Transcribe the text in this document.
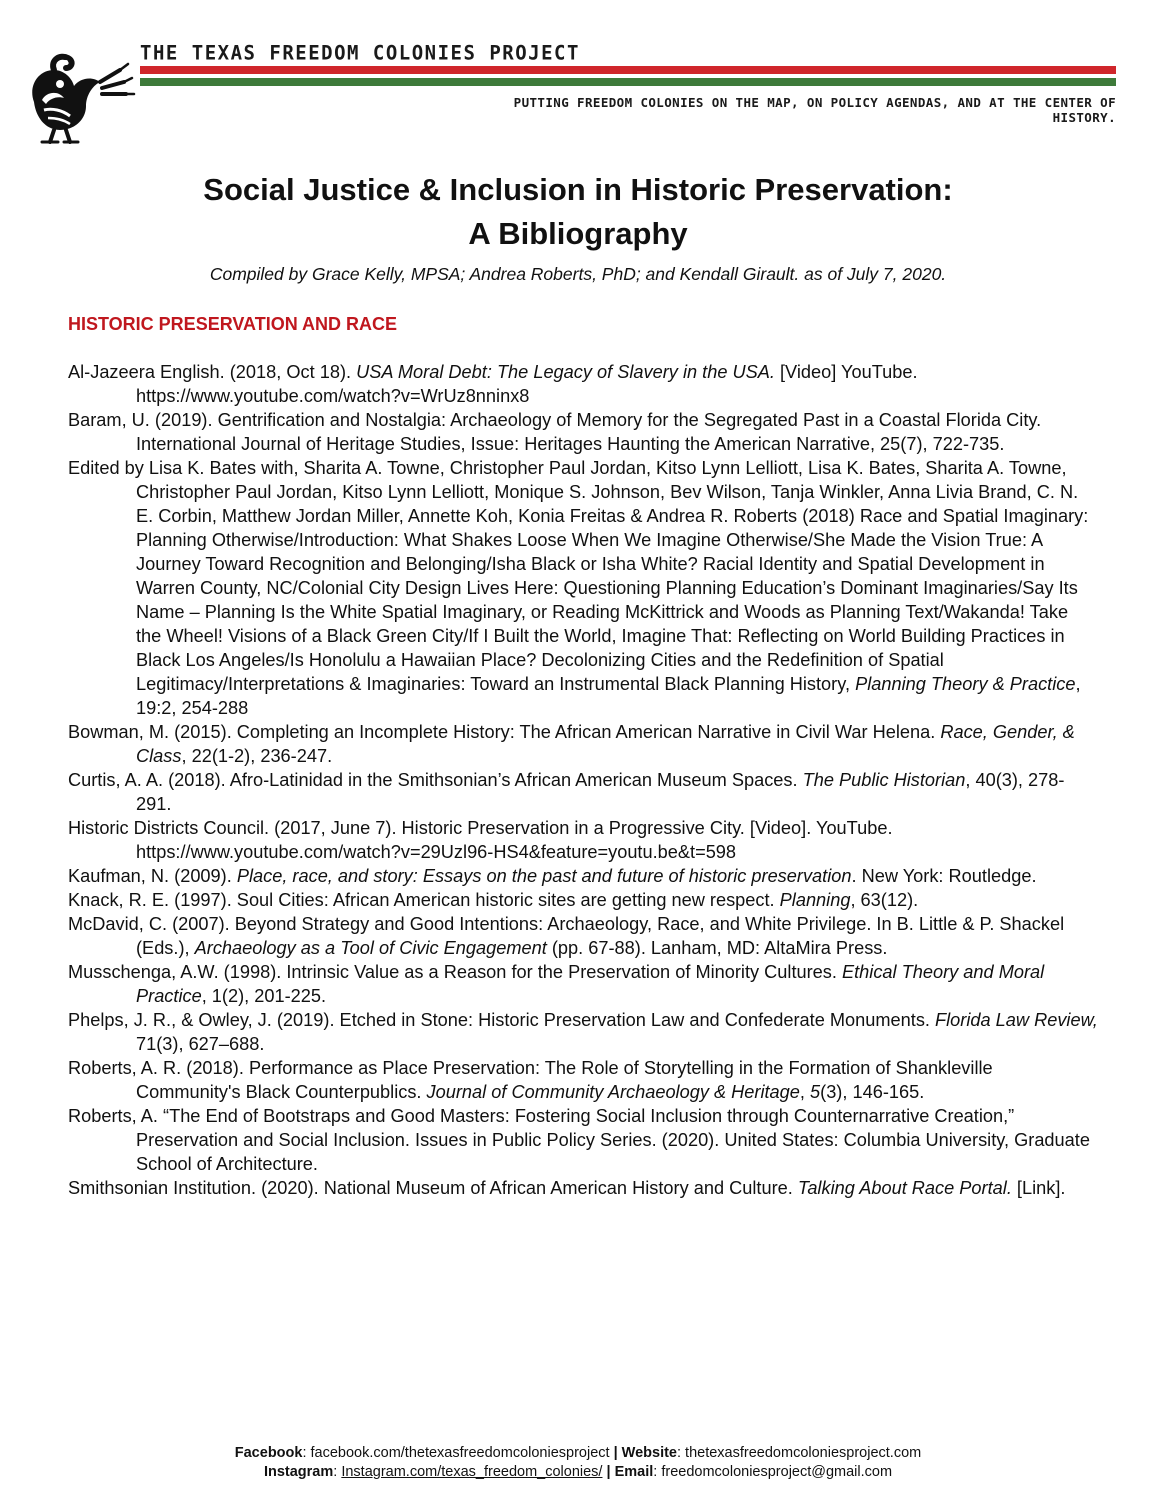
THE TEXAS FREEDOM COLONIES PROJECT
PUTTING FREEDOM COLONIES ON THE MAP, ON POLICY AGENDAS, AND AT THE CENTER OF HISTORY.
Social Justice & Inclusion in Historic Preservation:
A Bibliography
Compiled by Grace Kelly, MPSA; Andrea Roberts, PhD; and Kendall Girault. as of July 7, 2020.
HISTORIC PRESERVATION AND RACE

Al-Jazeera English. (2018, Oct 18). USA Moral Debt: The Legacy of Slavery in the USA. [Video] YouTube. https://www.youtube.com/watch?v=WrUz8nninx8

Baram, U. (2019). Gentrification and Nostalgia: Archaeology of Memory for the Segregated Past in a Coastal Florida City. International Journal of Heritage Studies, Issue: Heritages Haunting the American Narrative, 25(7), 722-735.

Edited by Lisa K. Bates with, Sharita A. Towne, Christopher Paul Jordan, Kitso Lynn Lelliott, Lisa K. Bates, Sharita A. Towne, Christopher Paul Jordan, Kitso Lynn Lelliott, Monique S. Johnson, Bev Wilson, Tanja Winkler, Anna Livia Brand, C. N. E. Corbin, Matthew Jordan Miller, Annette Koh, Konia Freitas & Andrea R. Roberts (2018) Race and Spatial Imaginary: Planning Otherwise/Introduction: What Shakes Loose When We Imagine Otherwise/She Made the Vision True: A Journey Toward Recognition and Belonging/Isha Black or Isha White? Racial Identity and Spatial Development in Warren County, NC/Colonial City Design Lives Here: Questioning Planning Education’s Dominant Imaginaries/Say Its Name – Planning Is the White Spatial Imaginary, or Reading McKittrick and Woods as Planning Text/Wakanda! Take the Wheel! Visions of a Black Green City/If I Built the World, Imagine That: Reflecting on World Building Practices in Black Los Angeles/Is Honolulu a Hawaiian Place? Decolonizing Cities and the Redefinition of Spatial Legitimacy/Interpretations & Imaginaries: Toward an Instrumental Black Planning History, Planning Theory & Practice, 19:2, 254-288

Bowman, M. (2015). Completing an Incomplete History: The African American Narrative in Civil War Helena. Race, Gender, & Class, 22(1-2), 236-247.

Curtis, A. A. (2018). Afro-Latinidad in the Smithsonian’s African American Museum Spaces. The Public Historian, 40(3), 278-291.

Historic Districts Council. (2017, June 7). Historic Preservation in a Progressive City. [Video]. YouTube. https://www.youtube.com/watch?v=29Uzl96-HS4&feature=youtu.be&t=598

Kaufman, N. (2009). Place, race, and story: Essays on the past and future of historic preservation. New York: Routledge.

Knack, R. E. (1997). Soul Cities: African American historic sites are getting new respect. Planning, 63(12).

McDavid, C. (2007). Beyond Strategy and Good Intentions: Archaeology, Race, and White Privilege. In B. Little & P. Shackel (Eds.), Archaeology as a Tool of Civic Engagement (pp. 67-88). Lanham, MD: AltaMira Press.

Musschenga, A.W. (1998). Intrinsic Value as a Reason for the Preservation of Minority Cultures. Ethical Theory and Moral Practice, 1(2), 201-225.

Phelps, J. R., & Owley, J. (2019). Etched in Stone: Historic Preservation Law and Confederate Monuments. Florida Law Review, 71(3), 627–688.

Roberts, A. R. (2018). Performance as Place Preservation: The Role of Storytelling in the Formation of Shankleville Community's Black Counterpublics. Journal of Community Archaeology & Heritage, 5(3), 146-165.

Roberts, A. “The End of Bootstraps and Good Masters: Fostering Social Inclusion through Counternarrative Creation,” Preservation and Social Inclusion. Issues in Public Policy Series. (2020). United States: Columbia University, Graduate School of Architecture.

Smithsonian Institution. (2020). National Museum of African American History and Culture. Talking About Race Portal. [Link].

Facebook: facebook.com/thetexasfreedomcoloniesproject | Website: thetexasfreedomcoloniesproject.com
Instagram: Instagram.com/texas_freedom_colonies/ | Email: freedomcoloniesproject@gmail.com
